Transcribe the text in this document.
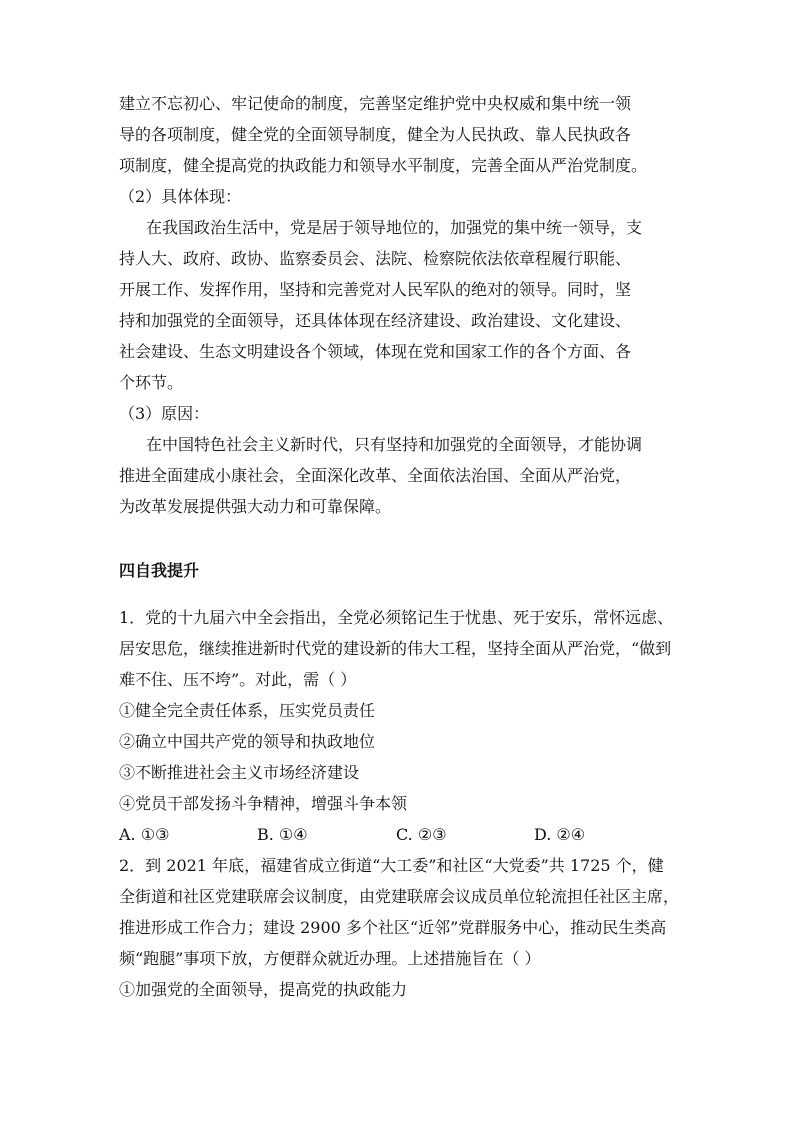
建立不忘初心、牢记使命的制度，完善坚定维护党中央权威和集中统一领
导的各项制度，健全党的全面领导制度，健全为人民执政、靠人民执政各
项制度，健全提高党的执政能力和领导水平制度，完善全面从严治党制度。
（2）具体体现：
在我国政治生活中，党是居于领导地位的，加强党的集中统一领导，支
持人大、政府、政协、监察委员会、法院、检察院依法依章程履行职能、
开展工作、发挥作用，坚持和完善党对人民军队的绝对的领导。同时，坚
持和加强党的全面领导，还具体体现在经济建设、政治建设、文化建设、
社会建设、生态文明建设各个领域，体现在党和国家工作的各个方面、各
个环节。
（3）原因：
在中国特色社会主义新时代，只有坚持和加强党的全面领导，才能协调
推进全面建成小康社会，全面深化改革、全面依法治国、全面从严治党，
为改革发展提供强大动力和可靠保障。
四自我提升
1．党的十九届六中全会指出，全党必须铭记生于忧患、死于安乐，常怀远虑、
居安思危，继续推进新时代党的建设新的伟大工程，坚持全面从严治党，“做到
难不住、压不垮”。对此，需（ ）
①健全完全责任体系，压实党员责任
②确立中国共产党的领导和执政地位
③不断推进社会主义市场经济建设
④党员干部发扬斗争精神，增强斗争本领
A. ①③	B. ①④	C. ②③	D. ②④
2．到 2021 年底，福建省成立街道“大工委”和社区“大党委”共 1725 个，健
全街道和社区党建联席会议制度，由党建联席会议成员单位轮流担任社区主席，
推进形成工作合力；建设 2900 多个社区“近邻”党群服务中心，推动民生类高
频“跑腿”事项下放，方便群众就近办理。上述措施旨在（ ）
①加强党的全面领导，提高党的执政能力
